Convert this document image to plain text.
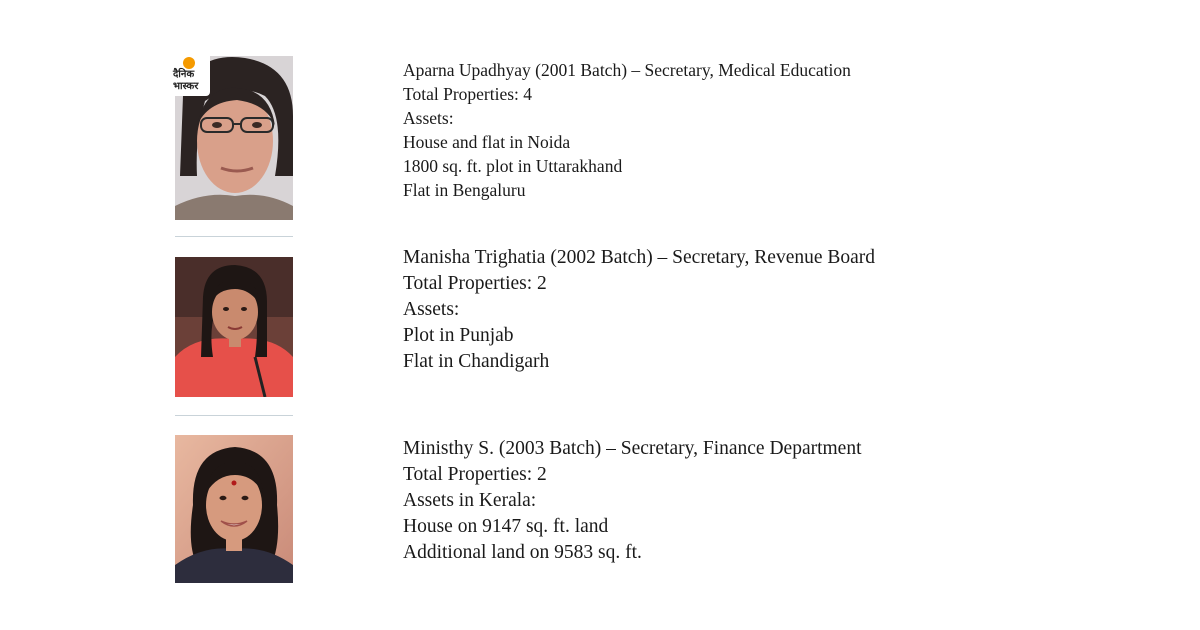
दैनिक
भास्कर
Aparna Upadhyay (2001 Batch) – Secretary, Medical Education
Total Properties: 4
Assets:
House and flat in Noida
1800 sq. ft. plot in Uttarakhand
Flat in Bengaluru
Manisha Trighatia (2002 Batch) – Secretary, Revenue Board
Total Properties: 2
Assets:
Plot in Punjab
Flat in Chandigarh
Ministhy S. (2003 Batch) – Secretary, Finance Department
Total Properties: 2
Assets in Kerala:
House on 9147 sq. ft. land
Additional land on 9583 sq. ft.
